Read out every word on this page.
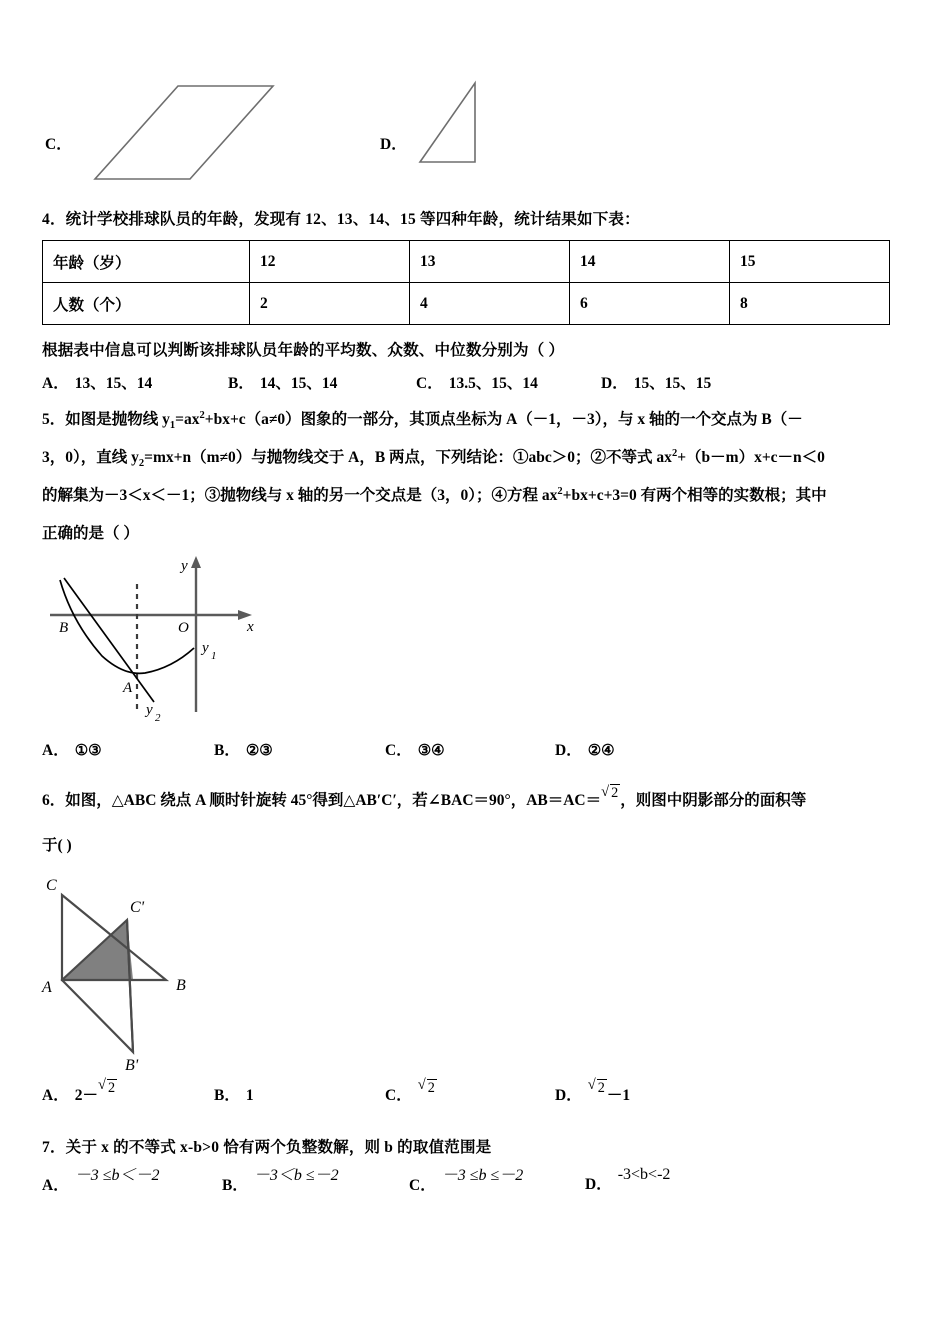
C．	D．
4．统计学校排球队员的年龄，发现有 12、13、14、15 等四种年龄，统计结果如下表：
年龄（岁）	12	13	14	15
人数（个）	2	4	6	8
根据表中信息可以判断该排球队员年龄的平均数、众数、中位数分别为（ ）
A． 13、15、14	B． 14、15、14	C． 13.5、15、14	D． 15、15、15
5．如图是抛物线 $y_1=ax^2+bx+c(a\ne 0)$图象的一部分，其顶点坐标为 A（－1，－3），与 x 轴的一个交点为 B（－
3，0），直线 $y_2=mx+n(m\ne 0)$与抛物线交于 A，B 两点，下列结论：①abc＞0；②不等式 $ax^2+(b-m)x+c-n<0$
的解集为－3＜x＜－1；③抛物线与 x 轴的另一个交点是（3，0）；④方程 $ax^2+bx+c+3=0$ 有两个相等的实数根；其中
正确的是（ ）
y
x
O
B
A
y 1
y 2
A． ①③	B． ②③	C． ③④	D． ②④
6．如图，△ABC 绕点 A 顺时针旋转 45°得到△AB′C′，若∠BAC＝90°，AB＝AC＝ √ 2 ，则图中阴影部分的面积等
于( )
C
C'
A	B
B'
A． 2－ √ 2	B． 1	C．	√ 2	D．	√ 2 －1
7．关于 x 的不等式 x-b>0 恰有两个负整数解，则 b 的取值范围是
A．
－3 ≤b＜－2
B．
－3＜b ≤－2
C．
－3 ≤b ≤－2
D．
-3<b<-2
